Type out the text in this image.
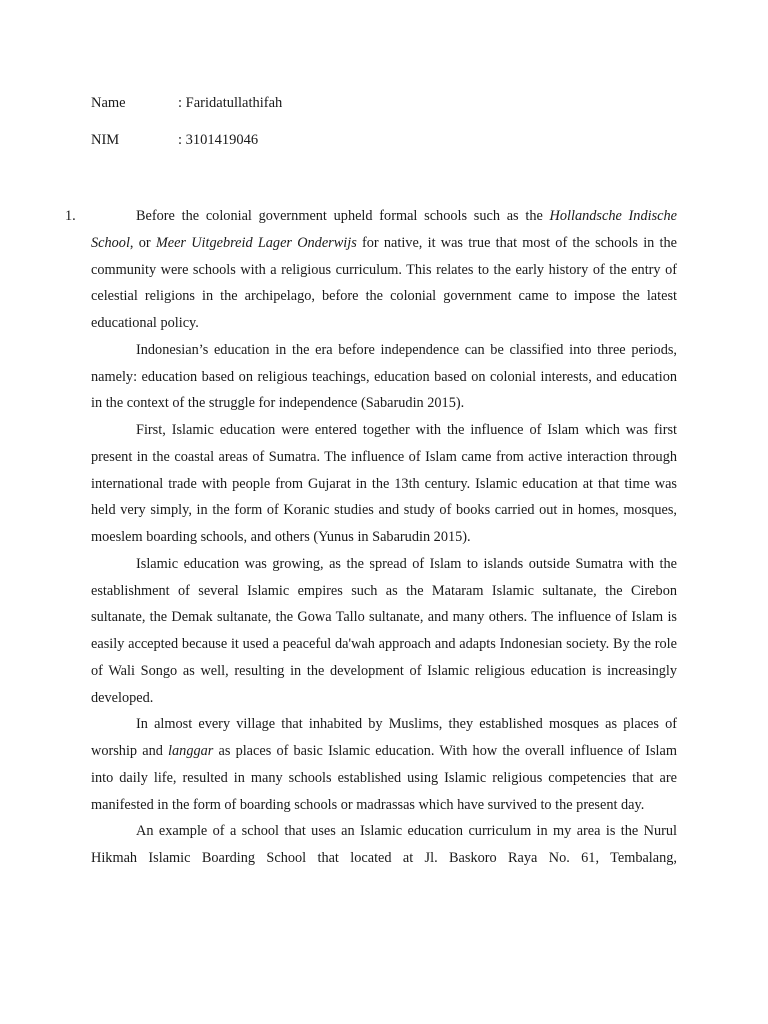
Name	: Faridatullathifah
NIM	: 3101419046
1.	Before the colonial government upheld formal schools such as the Hollandsche Indische School, or Meer Uitgebreid Lager Onderwijs for native, it was true that most of the schools in the community were schools with a religious curriculum. This relates to the early history of the entry of celestial religions in the archipelago, before the colonial government came to impose the latest educational policy.

Indonesian’s education in the era before independence can be classified into three periods, namely: education based on religious teachings, education based on colonial interests, and education in the context of the struggle for independence (Sabarudin 2015).

First, Islamic education were entered together with the influence of Islam which was first present in the coastal areas of Sumatra. The influence of Islam came from active interaction through international trade with people from Gujarat in the 13th century. Islamic education at that time was held very simply, in the form of Koranic studies and study of books carried out in homes, mosques, moeslem boarding schools, and others (Yunus in Sabarudin 2015).

Islamic education was growing, as the spread of Islam to islands outside Sumatra with the establishment of several Islamic empires such as the Mataram Islamic sultanate, the Cirebon sultanate, the Demak sultanate, the Gowa Tallo sultanate, and many others. The influence of Islam is easily accepted because it used a peaceful da'wah approach and adapts Indonesian society. By the role of Wali Songo as well, resulting in the development of Islamic religious education is increasingly developed.

In almost every village that inhabited by Muslims, they established mosques as places of worship and langgar as places of basic Islamic education. With how the overall influence of Islam into daily life, resulted in many schools established using Islamic religious competencies that are manifested in the form of boarding schools or madrassas which have survived to the present day.

An example of a school that uses an Islamic education curriculum in my area is the Nurul Hikmah Islamic Boarding School that located at Jl. Baskoro Raya No. 61, Tembalang,
